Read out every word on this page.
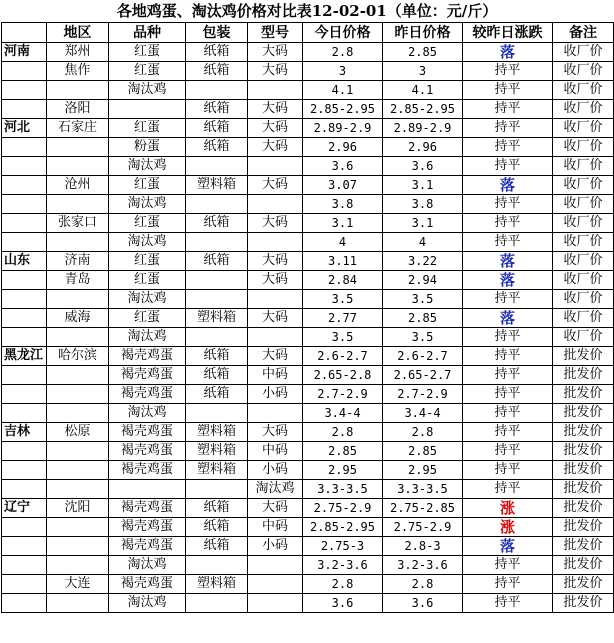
各地鸡蛋、淘汰鸡价格对比表12-02-01（单位：元/斤）
	地区	品种	包装	型号	今日价格	昨日价格	较昨日涨跌	备注
河南	郑州	红蛋	纸箱	大码	2.8	2.85	落	收厂价
	焦作	红蛋	纸箱	大码	3	3	持平	收厂价
		淘汰鸡			4.1	4.1	持平	收厂价
	洛阳		纸箱	大码	2.85-2.95	2.85-2.95	持平	收厂价
河北	石家庄	红蛋	纸箱	大码	2.89-2.9	2.89-2.9	持平	收厂价
		粉蛋	纸箱	大码	2.96	2.96	持平	收厂价
		淘汰鸡			3.6	3.6	持平	收厂价
	沧州	红蛋	塑料箱	大码	3.07	3.1	落	收厂价
		淘汰鸡			3.8	3.8	持平	收厂价
	张家口	红蛋	纸箱	大码	3.1	3.1	持平	收厂价
		淘汰鸡			4	4	持平	收厂价
山东	济南	红蛋	纸箱	大码	3.11	3.22	落	收厂价
	青岛	红蛋		大码	2.84	2.94	落	收厂价
		淘汰鸡			3.5	3.5	持平	收厂价
	威海	红蛋	塑料箱	大码	2.77	2.85	落	收厂价
		淘汰鸡			3.5	3.5	持平	收厂价
黑龙江	哈尔滨	褐壳鸡蛋	纸箱	大码	2.6-2.7	2.6-2.7	持平	批发价
		褐壳鸡蛋	纸箱	中码	2.65-2.8	2.65-2.7	持平	批发价
		褐壳鸡蛋	纸箱	小码	2.7-2.9	2.7-2.9	持平	批发价
		淘汰鸡			3.4-4	3.4-4	持平	批发价
吉林	松原	褐壳鸡蛋	塑料箱	大码	2.8	2.8	持平	批发价
		褐壳鸡蛋	塑料箱	中码	2.85	2.85	持平	批发价
		褐壳鸡蛋	塑料箱	小码	2.95	2.95	持平	批发价
				淘汰鸡	3.3-3.5	3.3-3.5	持平	批发价
辽宁	沈阳	褐壳鸡蛋	纸箱	大码	2.75-2.9	2.75-2.85	涨	批发价
		褐壳鸡蛋	纸箱	中码	2.85-2.95	2.75-2.9	涨	批发价
		褐壳鸡蛋	纸箱	小码	2.75-3	2.8-3	落	批发价
		淘汰鸡			3.2-3.6	3.2-3.6	持平	批发价
	大连	褐壳鸡蛋	塑料箱		2.8	2.8	持平	批发价
		淘汰鸡			3.6	3.6	持平	批发价
